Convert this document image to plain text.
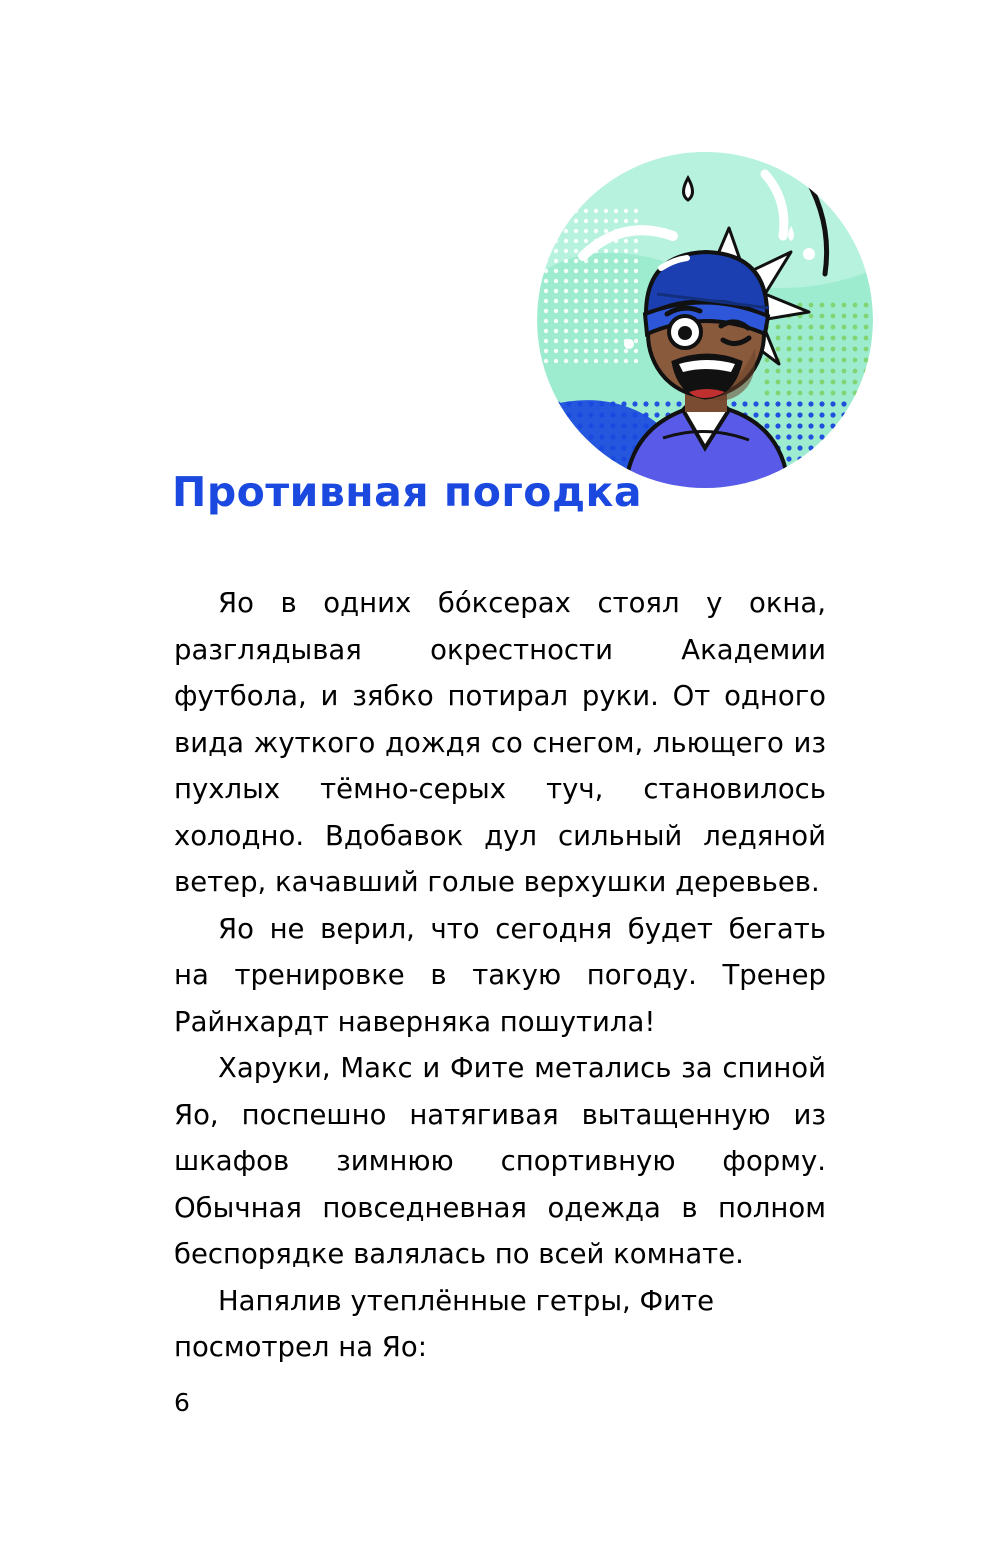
Противная погодка

Яо в одних бо́ксерах стоял у окна, разглядывая окрестности Академии футбола, и зябко потирал руки. От одного вида жуткого дождя со снегом, льющего из пухлых тёмно-серых туч, становилось холодно. Вдобавок дул сильный ледяной ветер, качавший голые верхушки деревьев.

Яо не верил, что сегодня будет бегать на тренировке в такую погоду. Тренер Райнхардт наверняка пошутила!

Харуки, Макс и Фите метались за спиной Яо, поспешно натягивая вытащенную из шкафов зимнюю спортивную форму. Обычная повседневная одежда в полном беспорядке валялась по всей комнате.

Напялив утеплённые гетры, Фите посмотрел на Яо:

6
